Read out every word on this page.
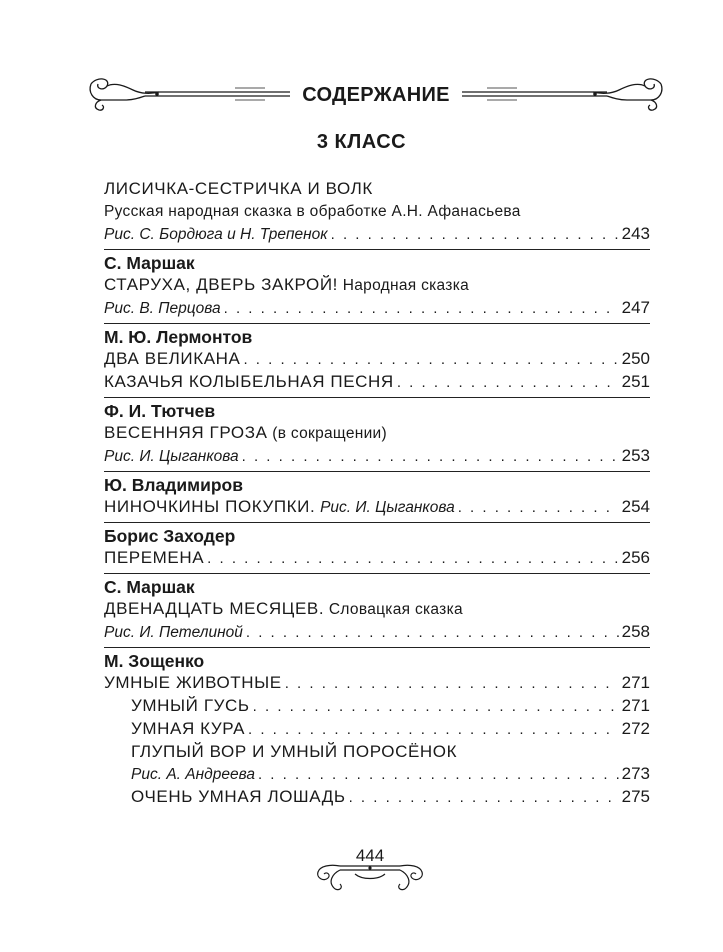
СОДЕРЖАНИЕ
3 КЛАСС
ЛИСИЧКА-СЕСТРИЧКА И ВОЛК
Русская народная сказка в обработке А.Н. Афанасьева
Рис. С. Бордюга и Н. Трепенок . . .	243
С. Маршак
СТАРУХА, ДВЕРЬ ЗАКРОЙ! Народная сказка
Рис. В. Перцова . . .	247
М. Ю. Лермонтов
ДВА ВЕЛИКАНА . . .	250
КАЗАЧЬЯ КОЛЫБЕЛЬНАЯ ПЕСНЯ . . .	251
Ф. И. Тютчев
ВЕСЕННЯЯ ГРОЗА (в сокращении)
Рис. И. Цыганкова . . .	253
Ю. Владимиров
НИНОЧКИНЫ ПОКУПКИ. Рис. И. Цыганкова . . .	254
Борис Заходер
ПЕРЕМЕНА . . .	256
С. Маршак
ДВЕНАДЦАТЬ МЕСЯЦЕВ. Словацкая сказка
Рис. И. Петелиной . . .	258
М. Зощенко
УМНЫЕ ЖИВОТНЫЕ . . .	271
УМНЫЙ ГУСЬ . . .	271
УМНАЯ КУРА . . .	272
ГЛУПЫЙ ВОР И УМНЫЙ ПОРОСЁНОК
Рис. А. Андреева . . .	273
ОЧЕНЬ УМНАЯ ЛОШАДЬ . . .	275
444
